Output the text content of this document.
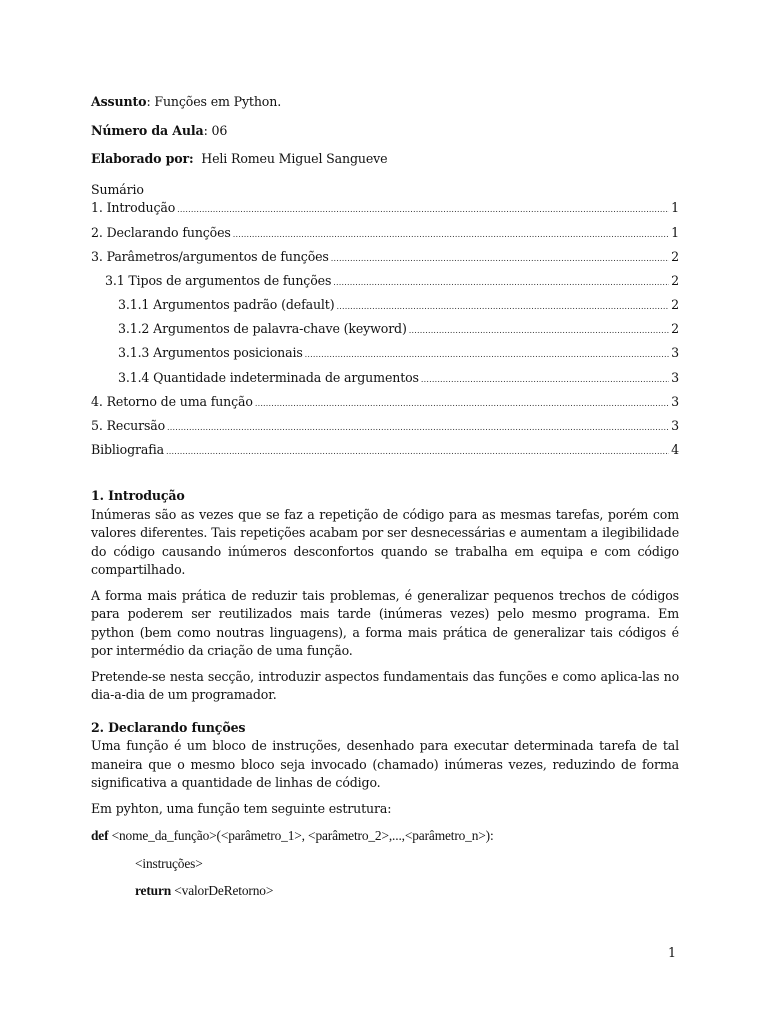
Assunto: Funções em Python.
Número da Aula: 06
Elaborado por:  Heli Romeu Miguel Sangueve
Sumário
1. Introdução .....	1
2. Declarando funções .....	1
3. Parâmetros/argumentos de funções .....	2
3.1 Tipos de argumentos de funções .....	2
3.1.1 Argumentos padrão (default) .....	2
3.1.2 Argumentos de palavra-chave (keyword) .....	2
3.1.3 Argumentos posicionais .....	3
3.1.4 Quantidade indeterminada de argumentos .....	3
4. Retorno de uma função .....	3
5. Recursão .....	3
Bibliografia .....	4
1. Introdução

Inúmeras são as vezes que se faz a repetição de código para as mesmas tarefas, porém com valores diferentes. Tais repetições acabam por ser desnecessárias e aumentam a ilegibilidade do código causando inúmeros desconfortos quando se trabalha em equipa e com código compartilhado.

A forma mais prática de reduzir tais problemas, é generalizar pequenos trechos de códigos para poderem ser reutilizados mais tarde (inúmeras vezes) pelo mesmo programa. Em python (bem como noutras linguagens), a forma mais prática de generalizar tais códigos é por intermédio da criação de uma função.

Pretende-se nesta secção, introduzir aspectos fundamentais das funções e como aplica-las no dia-a-dia de um programador.

2. Declarando funções

Uma função é um bloco de instruções, desenhado para executar determinada tarefa de tal maneira que o mesmo bloco seja invocado (chamado) inúmeras vezes, reduzindo de forma significativa a quantidade de linhas de código.

Em pyhton, uma função tem seguinte estrutura:

def <nome_da_função>(<parâmetro_1>, <parâmetro_2>,...,<parâmetro_n>):
<instruções>
return <valorDeRetorno>
1
